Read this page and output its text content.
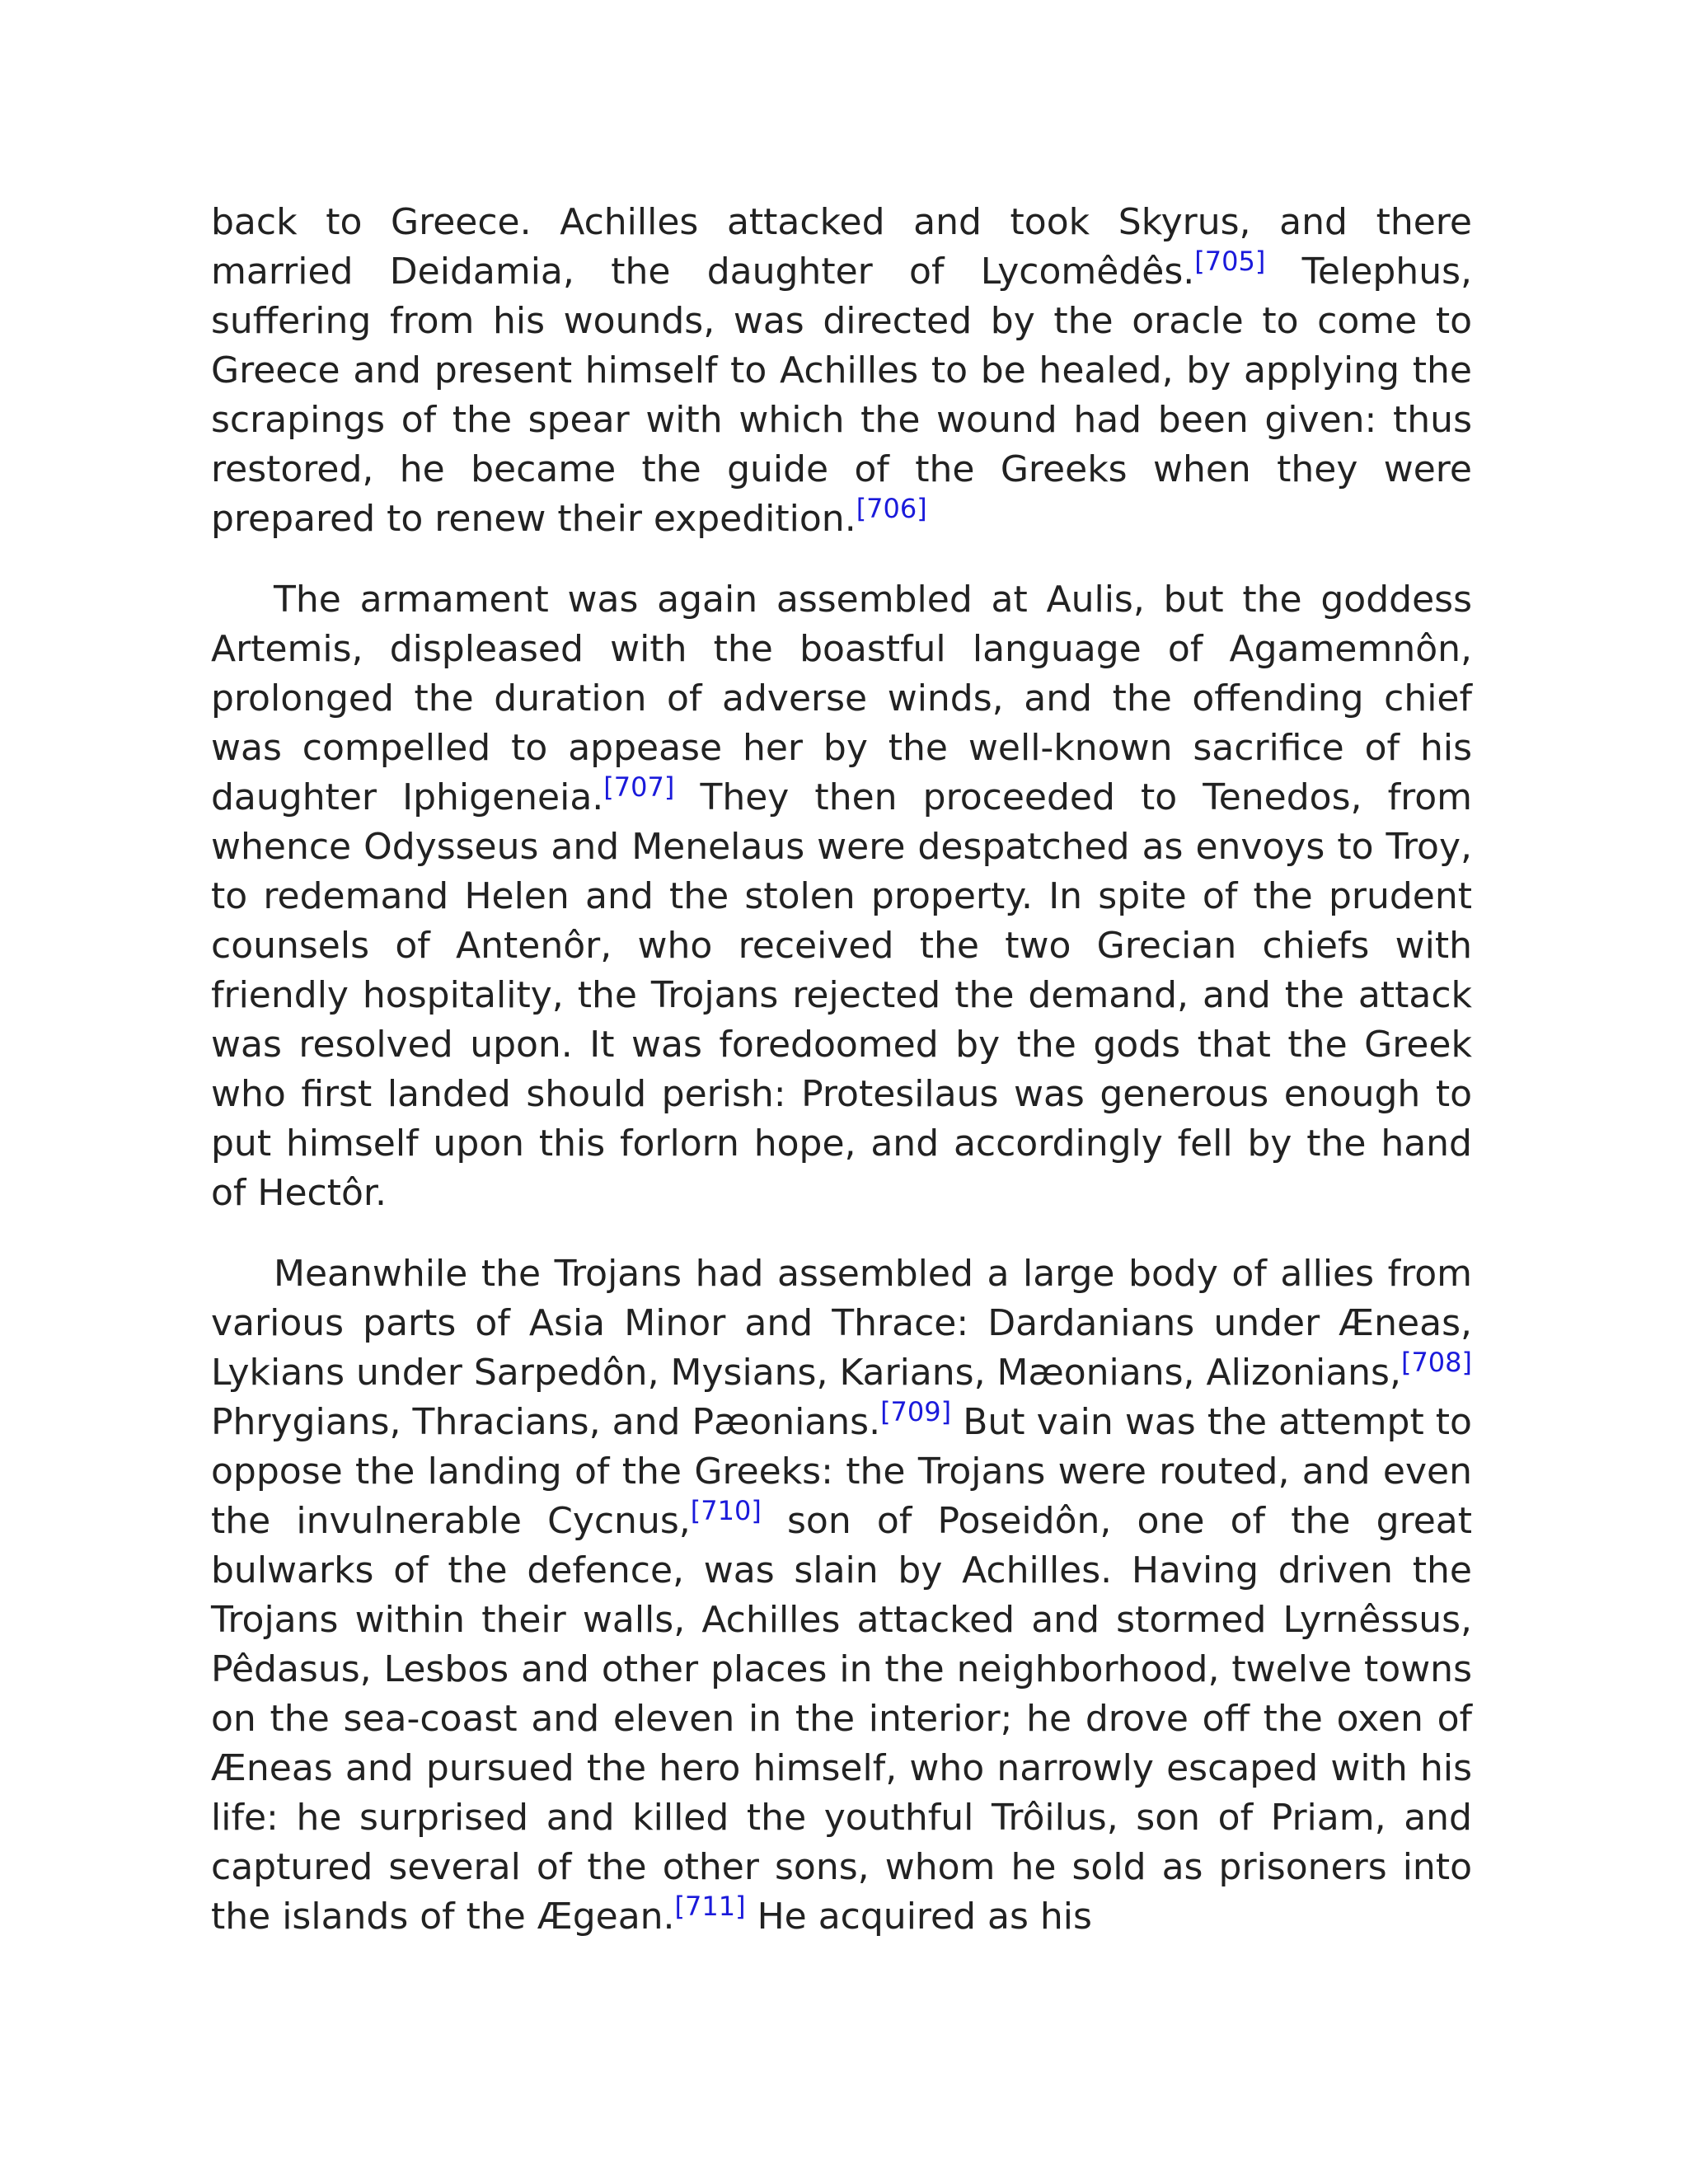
back to Greece. Achilles attacked and took Skyrus, and there married Deidamia, the daughter of Lycomêdês.[705] Telephus, suffering from his wounds, was directed by the oracle to come to Greece and present himself to Achilles to be healed, by applying the scrapings of the spear with which the wound had been given: thus restored, he became the guide of the Greeks when they were prepared to renew their expedition.[706]

The armament was again assembled at Aulis, but the goddess Artemis, displeased with the boastful language of Agamemnôn, prolonged the duration of adverse winds, and the offending chief was compelled to appease her by the well-known sacrifice of his daughter Iphigeneia.[707] They then proceeded to Tenedos, from whence Odysseus and Menelaus were despatched as envoys to Troy, to redemand Helen and the stolen property. In spite of the prudent counsels of Antenôr, who received the two Grecian chiefs with friendly hospitality, the Trojans rejected the demand, and the attack was resolved upon. It was foredoomed by the gods that the Greek who first landed should perish: Protesilaus was generous enough to put himself upon this forlorn hope, and accordingly fell by the hand of Hectôr.

Meanwhile the Trojans had assembled a large body of allies from various parts of Asia Minor and Thrace: Dardanians under Æneas, Lykians under Sarpedôn, Mysians, Karians, Mæonians, Alizonians,[708] Phrygians, Thracians, and Pæonians.[709] But vain was the attempt to oppose the landing of the Greeks: the Trojans were routed, and even the invulnerable Cycnus,[710] son of Poseidôn, one of the great bulwarks of the defence, was slain by Achilles. Having driven the Trojans within their walls, Achilles attacked and stormed Lyrnêssus, Pêdasus, Lesbos and other places in the neighborhood, twelve towns on the sea-coast and eleven in the interior; he drove off the oxen of Æneas and pursued the hero himself, who narrowly escaped with his life: he surprised and killed the youthful Trôilus, son of Priam, and captured several of the other sons, whom he sold as prisoners into the islands of the Ægean.[711] He acquired as his
